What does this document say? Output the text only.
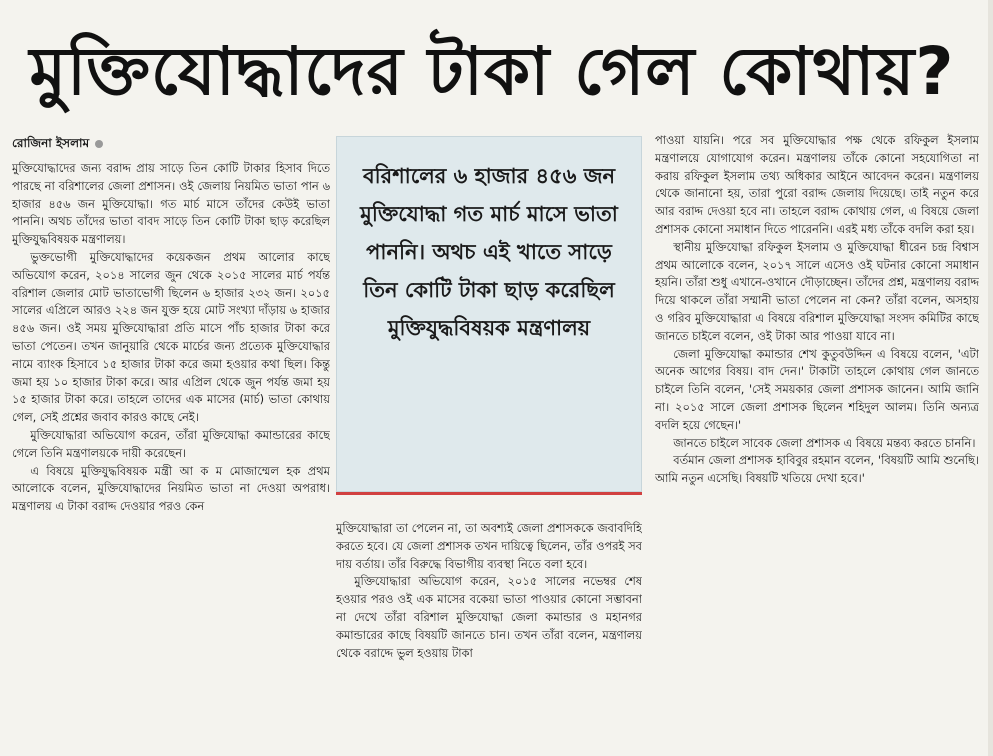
মুক্তিযোদ্ধাদের টাকা গেল কোথায়?
রোজিনা ইসলাম

মুক্তিযোদ্ধাদের জন্য বরাদ্দ প্রায় সাড়ে তিন কোটি টাকার হিসাব দিতে পারছে না বরিশালের জেলা প্রশাসন। ওই জেলায় নিয়মিত ভাতা পান ৬ হাজার ৪৫৬ জন মুক্তিযোদ্ধা। গত মার্চ মাসে তাঁদের কেউই ভাতা পাননি। অথচ তাঁদের ভাতা বাবদ সাড়ে তিন কোটি টাকা ছাড় করেছিল মুক্তিযুদ্ধবিষয়ক মন্ত্রণালয়।

ভুক্তভোগী মুক্তিযোদ্ধাদের কয়েকজন প্রথম আলোর কাছে অভিযোগ করেন, ২০১৪ সালের জুন থেকে ২০১৫ সালের মার্চ পর্যন্ত বরিশাল জেলার মোট ভাতাভোগী ছিলেন ৬ হাজার ২৩২ জন। ২০১৫ সালের এপ্রিলে আরও ২২৪ জন যুক্ত হয়ে মোট সংখ্যা দাঁড়ায় ৬ হাজার ৪৫৬ জন। ওই সময় মুক্তিযোদ্ধারা প্রতি মাসে পাঁচ হাজার টাকা করে ভাতা পেতেন। তখন জানুয়ারি থেকে মার্চের জন্য প্রত্যেক মুক্তিযোদ্ধার নামে ব্যাংক হিসাবে ১৫ হাজার টাকা করে জমা হওয়ার কথা ছিল। কিন্তু জমা হয় ১০ হাজার টাকা করে। আর এপ্রিল থেকে জুন পর্যন্ত জমা হয় ১৫ হাজার টাকা করে। তাহলে তাদের এক মাসের (মার্চ) ভাতা কোথায় গেল, সেই প্রশ্নের জবাব কারও কাছে নেই।

মুক্তিযোদ্ধারা অভিযোগ করেন, তাঁরা মুক্তিযোদ্ধা কমান্ডারের কাছে গেলে তিনি মন্ত্রণালয়কে দায়ী করেছেন।

এ বিষয়ে মুক্তিযুদ্ধবিষয়ক মন্ত্রী আ ক ম মোজাম্মেল হক প্রথম আলোকে বলেন, মুক্তিযোদ্ধাদের নিয়মিত ভাতা না দেওয়া অপরাধ। মন্ত্রণালয় এ টাকা বরাদ্দ দেওয়ার পরও কেন

বরিশালের ৬ হাজার ৪৫৬ জন মুক্তিযোদ্ধা গত মার্চ মাসে ভাতা পাননি। অথচ এই খাতে সাড়ে তিন কোটি টাকা ছাড় করেছিল মুক্তিযুদ্ধবিষয়ক মন্ত্রণালয়

মুক্তিযোদ্ধারা তা পেলেন না, তা অবশ্যই জেলা প্রশাসককে জবাবদিহি করতে হবে। যে জেলা প্রশাসক তখন দায়িত্বে ছিলেন, তাঁর ওপরই সব দায় বর্তায়। তাঁর বিরুদ্ধে বিভাগীয় ব্যবস্থা নিতে বলা হবে।

মুক্তিযোদ্ধারা অভিযোগ করেন, ২০১৫ সালের নভেম্বর শেষ হওয়ার পরও ওই এক মাসের বকেয়া ভাতা পাওয়ার কোনো সম্ভাবনা না দেখে তাঁরা বরিশাল মুক্তিযোদ্ধা জেলা কমান্ডার ও মহানগর কমান্ডারের কাছে বিষয়টি জানতে চান। তখন তাঁরা বলেন, মন্ত্রণালয় থেকে বরাদ্দে ভুল হওয়ায় টাকা

পাওয়া যায়নি। পরে সব মুক্তিযোদ্ধার পক্ষ থেকে রফিকুল ইসলাম মন্ত্রণালয়ে যোগাযোগ করেন। মন্ত্রণালয় তাঁকে কোনো সহযোগিতা না করায় রফিকুল ইসলাম তথ্য অধিকার আইনে আবেদন করেন। মন্ত্রণালয় থেকে জানানো হয়, তারা পুরো বরাদ্দ জেলায় দিয়েছে। তাই নতুন করে আর বরাদ্দ দেওয়া হবে না। তাহলে বরাদ্দ কোথায় গেল, এ বিষয়ে জেলা প্রশাসক কোনো সমাধান দিতে পারেননি। এরই মধ্য তাঁকে বদলি করা হয়।

স্থানীয় মুক্তিযোদ্ধা রফিকুল ইসলাম ও মুক্তিযোদ্ধা ধীরেন চন্দ্র বিশ্বাস প্রথম আলোকে বলেন, ২০১৭ সালে এসেও ওই ঘটনার কোনো সমাধান হয়নি। তাঁরা শুধু এখানে-ওখানে দৌড়াচ্ছেন। তাঁদের প্রশ্ন, মন্ত্রণালয় বরাদ্দ দিয়ে থাকলে তাঁরা সম্মানী ভাতা পেলেন না কেন? তাঁরা বলেন, অসহায় ও গরিব মুক্তিযোদ্ধারা এ বিষয়ে বরিশাল মুক্তিযোদ্ধা সংসদ কমিটির কাছে জানতে চাইলে বলেন, ওই টাকা আর পাওয়া যাবে না।

জেলা মুক্তিযোদ্ধা কমান্ডার শেখ কুতুবউদ্দিন এ বিষয়ে বলেন, 'এটা অনেক আগের বিষয়। বাদ দেন।' টাকাটা তাহলে কোথায় গেল জানতে চাইলে তিনি বলেন, 'সেই সময়কার জেলা প্রশাসক জানেন। আমি জানি না। ২০১৫ সালে জেলা প্রশাসক ছিলেন শহিদুল আলম। তিনি অন্যত্র বদলি হয়ে গেছেন।'

জানতে চাইলে সাবেক জেলা প্রশাসক এ বিষয়ে মন্তব্য করতে চাননি।

বর্তমান জেলা প্রশাসক হাবিবুর রহমান বলেন, 'বিষয়টি আমি শুনেছি। আমি নতুন এসেছি। বিষয়টি খতিয়ে দেখা হবে।'
